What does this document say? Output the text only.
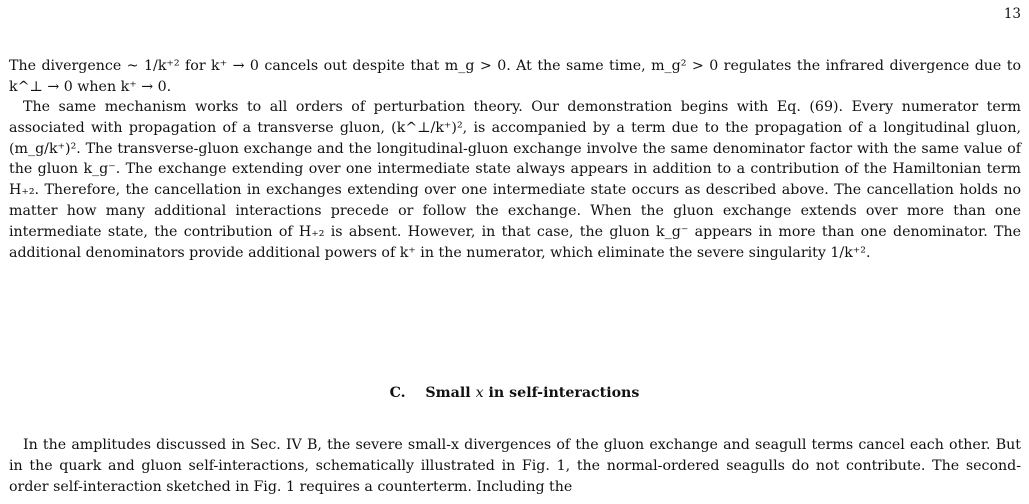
13

The divergence ~ 1/k⁺² for k⁺ → 0 cancels out despite that m_g > 0. At the same time, m_g² > 0 regulates the infrared divergence due to k^⊥ → 0 when k⁺ → 0.

The same mechanism works to all orders of perturbation theory. Our demonstration begins with Eq. (69). Every numerator term associated with propagation of a transverse gluon, (k^⊥/k⁺)², is accompanied by a term due to the propagation of a longitudinal gluon, (m_g/k⁺)². The transverse-gluon exchange and the longitudinal-gluon exchange involve the same denominator factor with the same value of the gluon k_g⁻. The exchange extending over one intermediate state always appears in addition to a contribution of the Hamiltonian term H₊₂. Therefore, the cancellation in exchanges extending over one intermediate state occurs as described above. The cancellation holds no matter how many additional interactions precede or follow the exchange. When the gluon exchange extends over more than one intermediate state, the contribution of H₊₂ is absent. However, in that case, the gluon k_g⁻ appears in more than one denominator. The additional denominators provide additional powers of k⁺ in the numerator, which eliminate the severe singularity 1/k⁺².

C. Small x in self-interactions

In the amplitudes discussed in Sec. IV B, the severe small-x divergences of the gluon exchange and seagull terms cancel each other. But in the quark and gluon self-interactions, schematically illustrated in Fig. 1, the normal-ordered seagulls do not contribute. The second-order self-interaction sketched in Fig. 1 requires a counterterm. Including the
